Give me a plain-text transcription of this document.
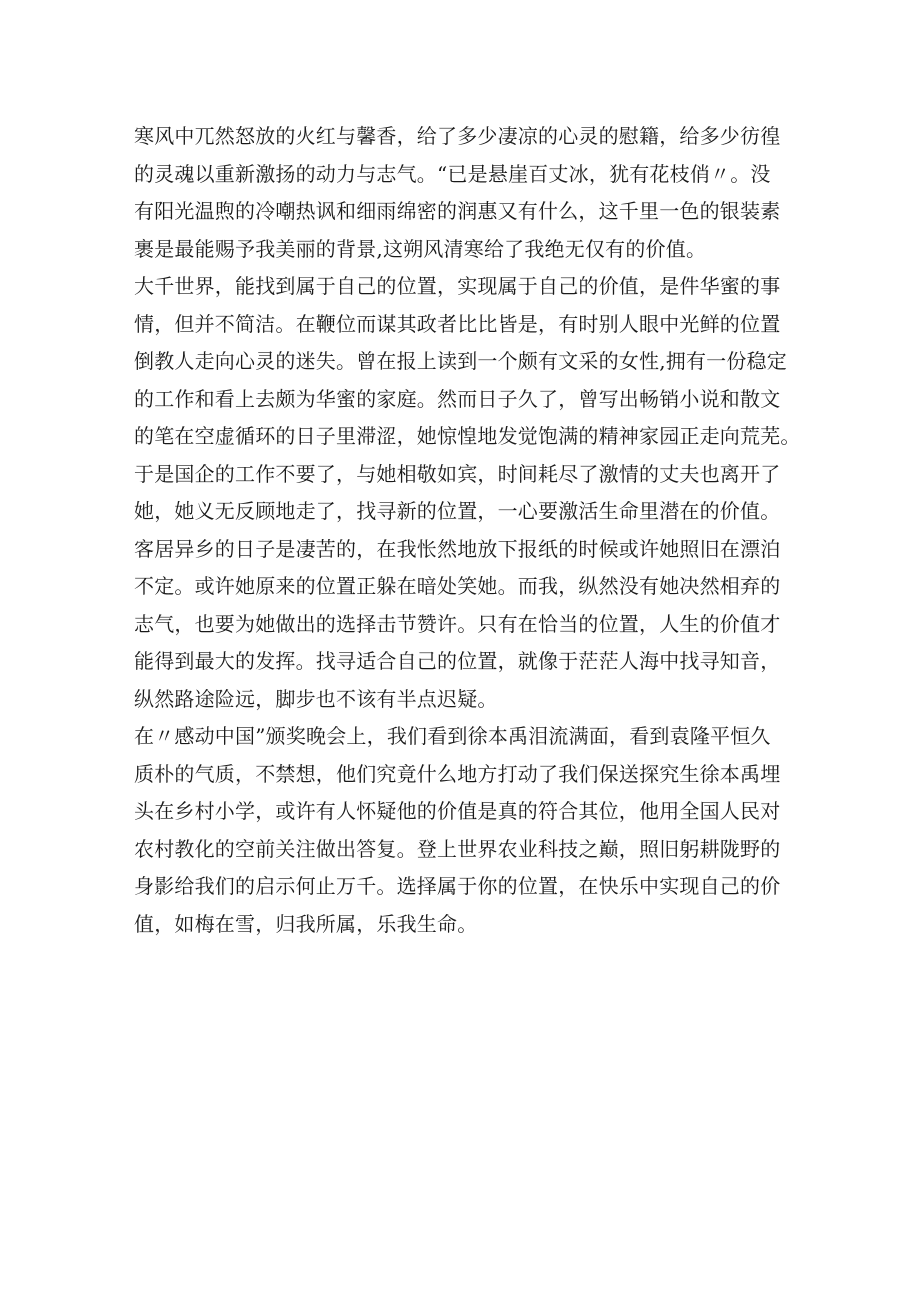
寒风中兀然怒放的火红与馨香，给了多少凄凉的心灵的慰籍，给多少彷徨
的灵魂以重新激扬的动力与志气。“已是悬崖百丈冰，犹有花枝俏〃。没
有阳光温煦的冷嘲热讽和细雨绵密的润惠又有什么，这千里一色的银装素
裹是最能赐予我美丽的背景,这朔风清寒给了我绝无仅有的价值。

大千世界，能找到属于自己的位置，实现属于自己的价值，是件华蜜的事
情，但并不简洁。在鞭位而谋其政者比比皆是，有时别人眼中光鲜的位置
倒教人走向心灵的迷失。曾在报上读到一个颇有文采的女性,拥有一份稳定
的工作和看上去颇为华蜜的家庭。然而日子久了，曾写出畅销小说和散文
的笔在空虚循环的日子里滞涩，她惊惶地发觉饱满的精神家园正走向荒芜。
于是国企的工作不要了，与她相敬如宾，时间耗尽了激情的丈夫也离开了
她，她义无反顾地走了，找寻新的位置，一心要激活生命里潜在的价值。
客居异乡的日子是凄苦的，在我怅然地放下报纸的时候或许她照旧在漂泊
不定。或许她原来的位置正躲在暗处笑她。而我，纵然没有她决然相弃的
志气，也要为她做出的选择击节赞许。只有在恰当的位置，人生的价值才
能得到最大的发挥。找寻适合自己的位置，就像于茫茫人海中找寻知音，
纵然路途险远，脚步也不该有半点迟疑。

在〃感动中国”颁奖晚会上，我们看到徐本禹泪流满面，看到袁隆平恒久
质朴的气质，不禁想，他们究竟什么地方打动了我们保送探究生徐本禹埋
头在乡村小学，或许有人怀疑他的价值是真的符合其位，他用全国人民对
农村教化的空前关注做出答复。登上世界农业科技之巅，照旧躬耕陇野的
身影给我们的启示何止万千。选择属于你的位置，在快乐中实现自己的价
值，如梅在雪，归我所属，乐我生命。
